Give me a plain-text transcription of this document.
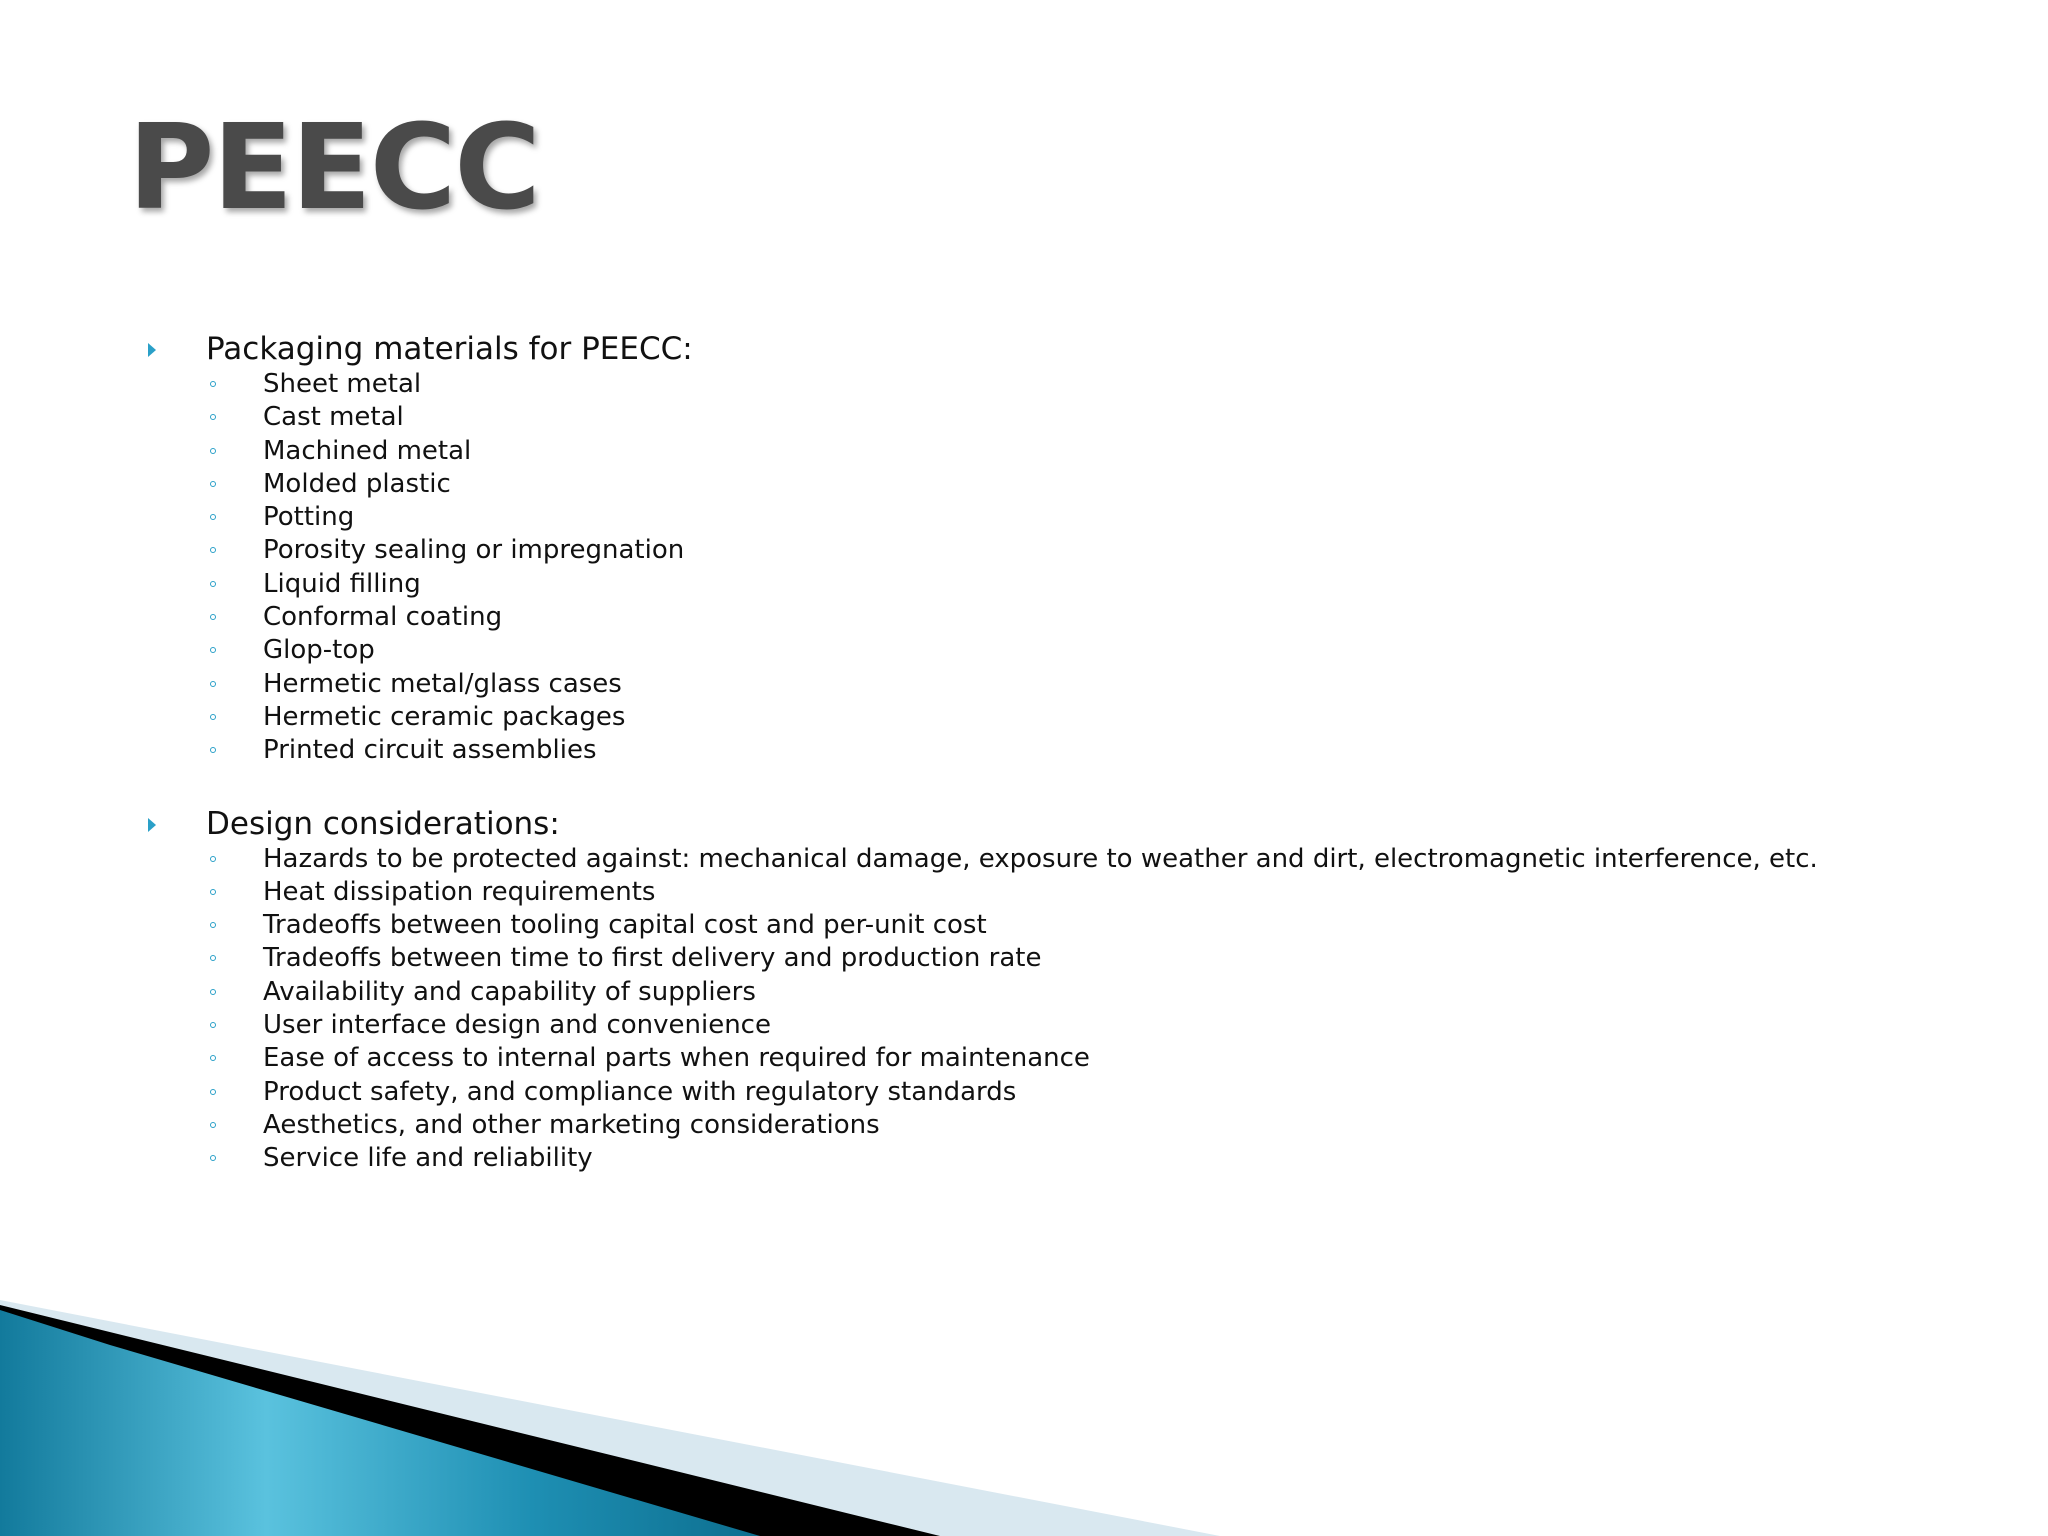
PEECC
Packaging materials for PEECC:
Sheet metal
Cast metal
Machined metal
Molded plastic
Potting
Porosity sealing or impregnation
Liquid filling
Conformal coating
Glop-top
Hermetic metal/glass cases
Hermetic ceramic packages
Printed circuit assemblies
Design considerations:
Hazards to be protected against: mechanical damage, exposure to weather and dirt, electromagnetic interference, etc.
Heat dissipation requirements
Tradeoffs between tooling capital cost and per-unit cost
Tradeoffs between time to first delivery and production rate
Availability and capability of suppliers
User interface design and convenience
Ease of access to internal parts when required for maintenance
Product safety, and compliance with regulatory standards
Aesthetics, and other marketing considerations
Service life and reliability
